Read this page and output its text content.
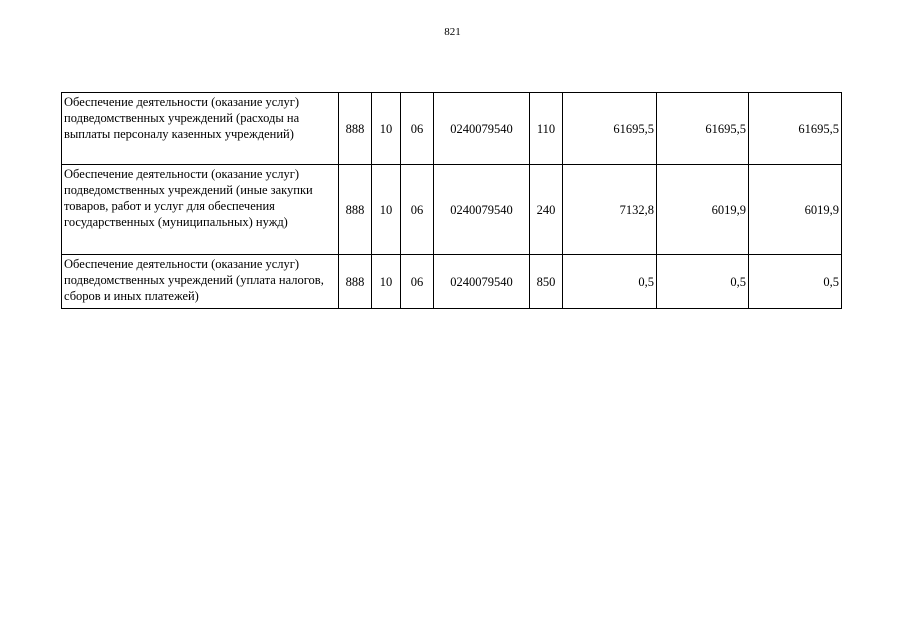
821
Обеспечение деятельности (оказание услуг) подведомственных учреждений (расходы на выплаты персоналу казенных учреждений)	888	10	06	0240079540	110	61695,5	61695,5	61695,5
Обеспечение деятельности (оказание услуг) подведомственных учреждений (иные закупки товаров, работ и услуг для обеспечения государственных (муниципальных) нужд)	888	10	06	0240079540	240	7132,8	6019,9	6019,9
Обеспечение деятельности (оказание услуг) подведомственных учреждений (уплата налогов, сборов и иных платежей)	888	10	06	0240079540	850	0,5	0,5	0,5
